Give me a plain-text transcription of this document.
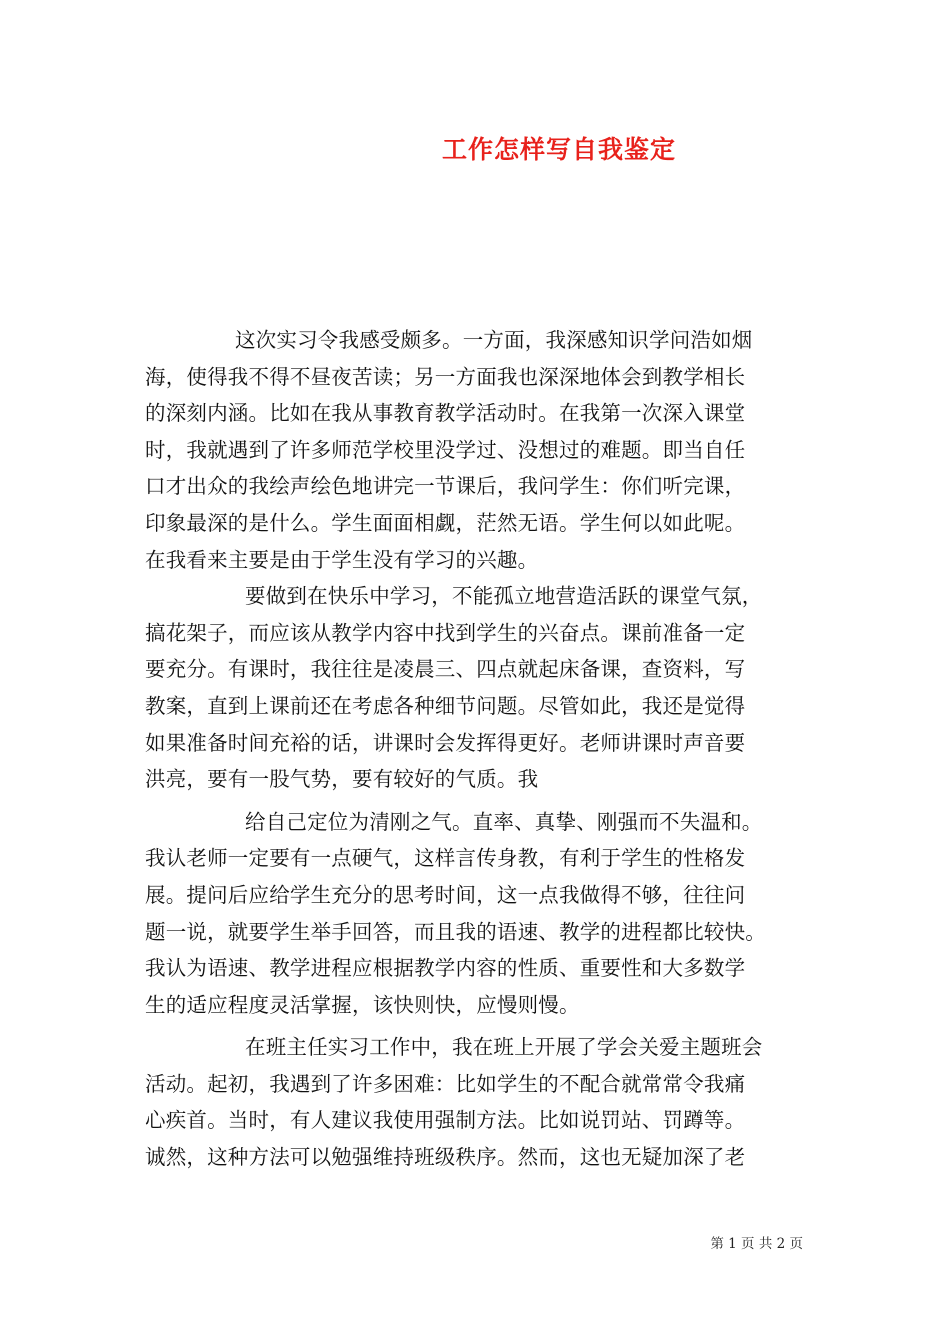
工作怎样写自我鉴定
这次实习令我感受颇多。一方面，我深感知识学问浩如烟
海，使得我不得不昼夜苦读；另一方面我也深深地体会到教学相长
的深刻内涵。比如在我从事教育教学活动时。在我第一次深入课堂
时，我就遇到了许多师范学校里没学过、没想过的难题。即当自任
口才出众的我绘声绘色地讲完一节课后，我问学生：你们听完课，
印象最深的是什么。学生面面相觑，茫然无语。学生何以如此呢。
在我看来主要是由于学生没有学习的兴趣。
要做到在快乐中学习，不能孤立地营造活跃的课堂气氛，
搞花架子，而应该从教学内容中找到学生的兴奋点。课前准备一定
要充分。有课时，我往往是凌晨三、四点就起床备课，查资料，写
教案，直到上课前还在考虑各种细节问题。尽管如此，我还是觉得
如果准备时间充裕的话，讲课时会发挥得更好。老师讲课时声音要
洪亮，要有一股气势，要有较好的气质。我
给自己定位为清刚之气。直率、真挚、刚强而不失温和。
我认老师一定要有一点硬气，这样言传身教，有利于学生的性格发
展。提问后应给学生充分的思考时间，这一点我做得不够，往往问
题一说，就要学生举手回答，而且我的语速、教学的进程都比较快。
我认为语速、教学进程应根据教学内容的性质、重要性和大多数学
生的适应程度灵活掌握，该快则快，应慢则慢。
在班主任实习工作中，我在班上开展了学会关爱主题班会
活动。起初，我遇到了许多困难：比如学生的不配合就常常令我痛
心疾首。当时，有人建议我使用强制方法。比如说罚站、罚蹲等。
诚然，这种方法可以勉强维持班级秩序。然而，这也无疑加深了老
第 1 页 共 2 页
